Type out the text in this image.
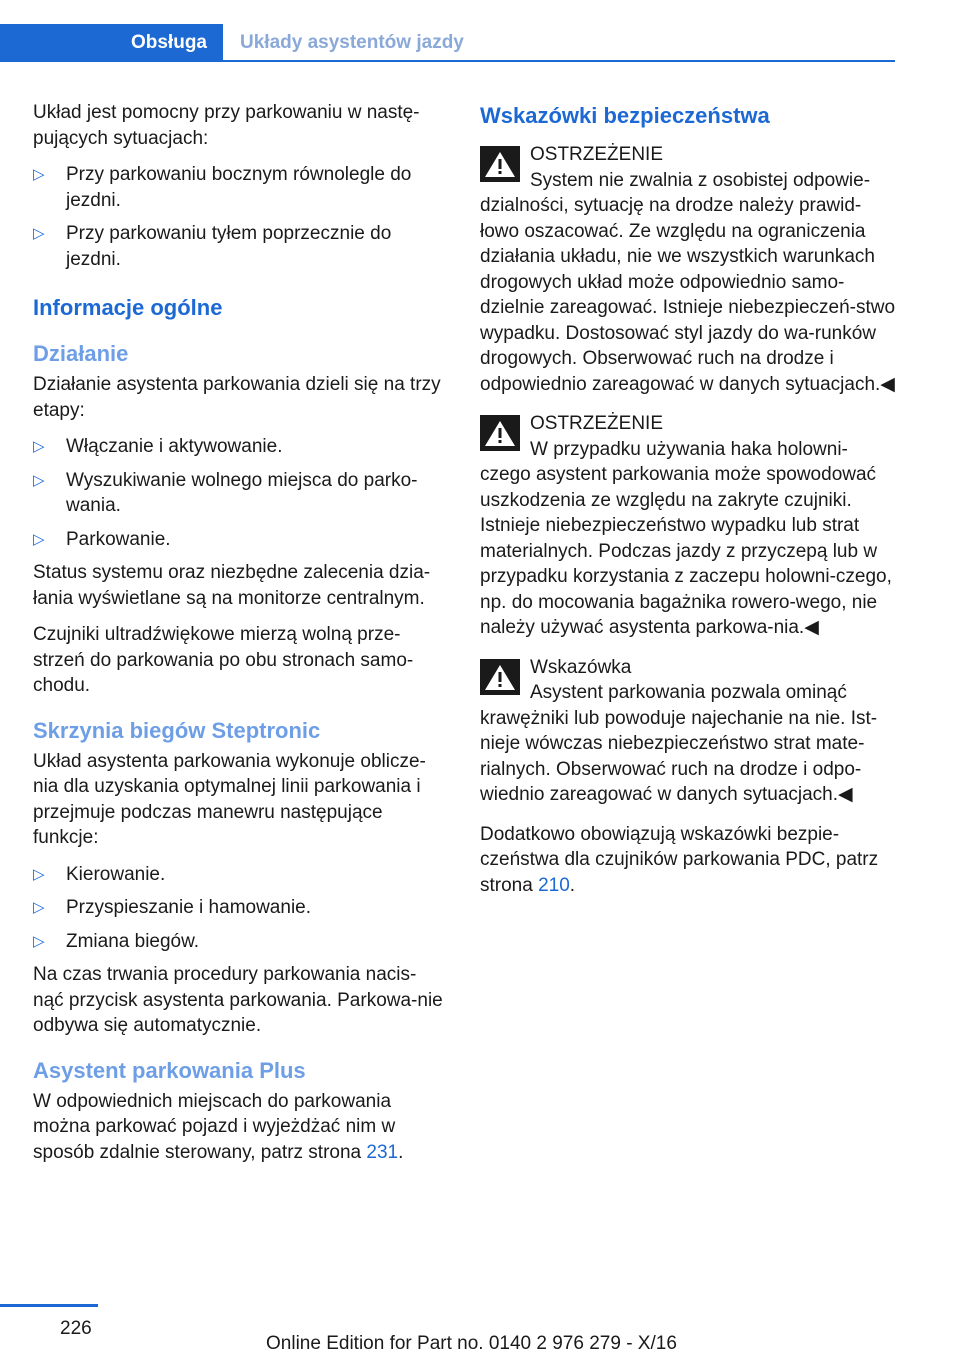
Obsługa	Układy asystentów jazdy

Układ jest pomocny przy parkowaniu w nastę‐pujących sytuacjach:

▷ Przy parkowaniu bocznym równolegle do jezdni.
▷ Przy parkowaniu tyłem poprzecznie do jezdni.
Informacje ogólne
Działanie

Działanie asystenta parkowania dzieli się na trzy etapy:

▷ Włączanie i aktywowanie.
▷ Wyszukiwanie wolnego miejsca do parko‐wania.
▷ Parkowanie.

Status systemu oraz niezbędne zalecenia dzia‐łania wyświetlane są na monitorze centralnym.

Czujniki ultradźwiękowe mierzą wolną prze‐strzeń do parkowania po obu stronach samo‐chodu.

Skrzynia biegów Steptronic

Układ asystenta parkowania wykonuje oblicze‐nia dla uzyskania optymalnej linii parkowania i przejmuje podczas manewru następujące funkcje:

▷ Kierowanie.
▷ Przyspieszanie i hamowanie.
▷ Zmiana biegów.

Na czas trwania procedury parkowania nacis‐nąć przycisk asystenta parkowania. Parkowa‐nie odbywa się automatycznie.

Asystent parkowania Plus

W odpowiednich miejscach do parkowania można parkować pojazd i wyjeżdżać nim w sposób zdalnie sterowany, patrz strona 231.

Wskazówki bezpieczeństwa
OSTRZEŻENIE
System nie zwalnia z osobistej odpowie‐
dzialności, sytuację na drodze należy prawid‐łowo oszacować. Ze względu na ograniczenia działania układu, nie we wszystkich warunkach drogowych układ może odpowiednio samo‐dzielnie zareagować. Istnieje niebezpieczeń‐stwo wypadku. Dostosować styl jazdy do wa‐runków drogowych. Obserwować ruch na drodze i odpowiednio zareagować w danych sytuacjach.◀
OSTRZEŻENIE
W przypadku używania haka holowni‐
czego asystent parkowania może spowodować uszkodzenia ze względu na zakryte czujniki. Istnieje niebezpieczeństwo wypadku lub strat materialnych. Podczas jazdy z przyczepą lub w przypadku korzystania z zaczepu holowni‐czego, np. do mocowania bagażnika rowero‐wego, nie należy używać asystenta parkowa‐nia.◀
Wskazówka
Asystent parkowania pozwala ominąć
krawężniki lub powoduje najechanie na nie. Ist‐nieje wówczas niebezpieczeństwo strat mate‐rialnych. Obserwować ruch na drodze i odpo‐wiednio zareagować w danych sytuacjach.◀

Dodatkowo obowiązują wskazówki bezpie‐czeństwa dla czujników parkowania PDC, patrz strona 210.

226
Online Edition for Part no. 0140 2 976 279 - X/16
